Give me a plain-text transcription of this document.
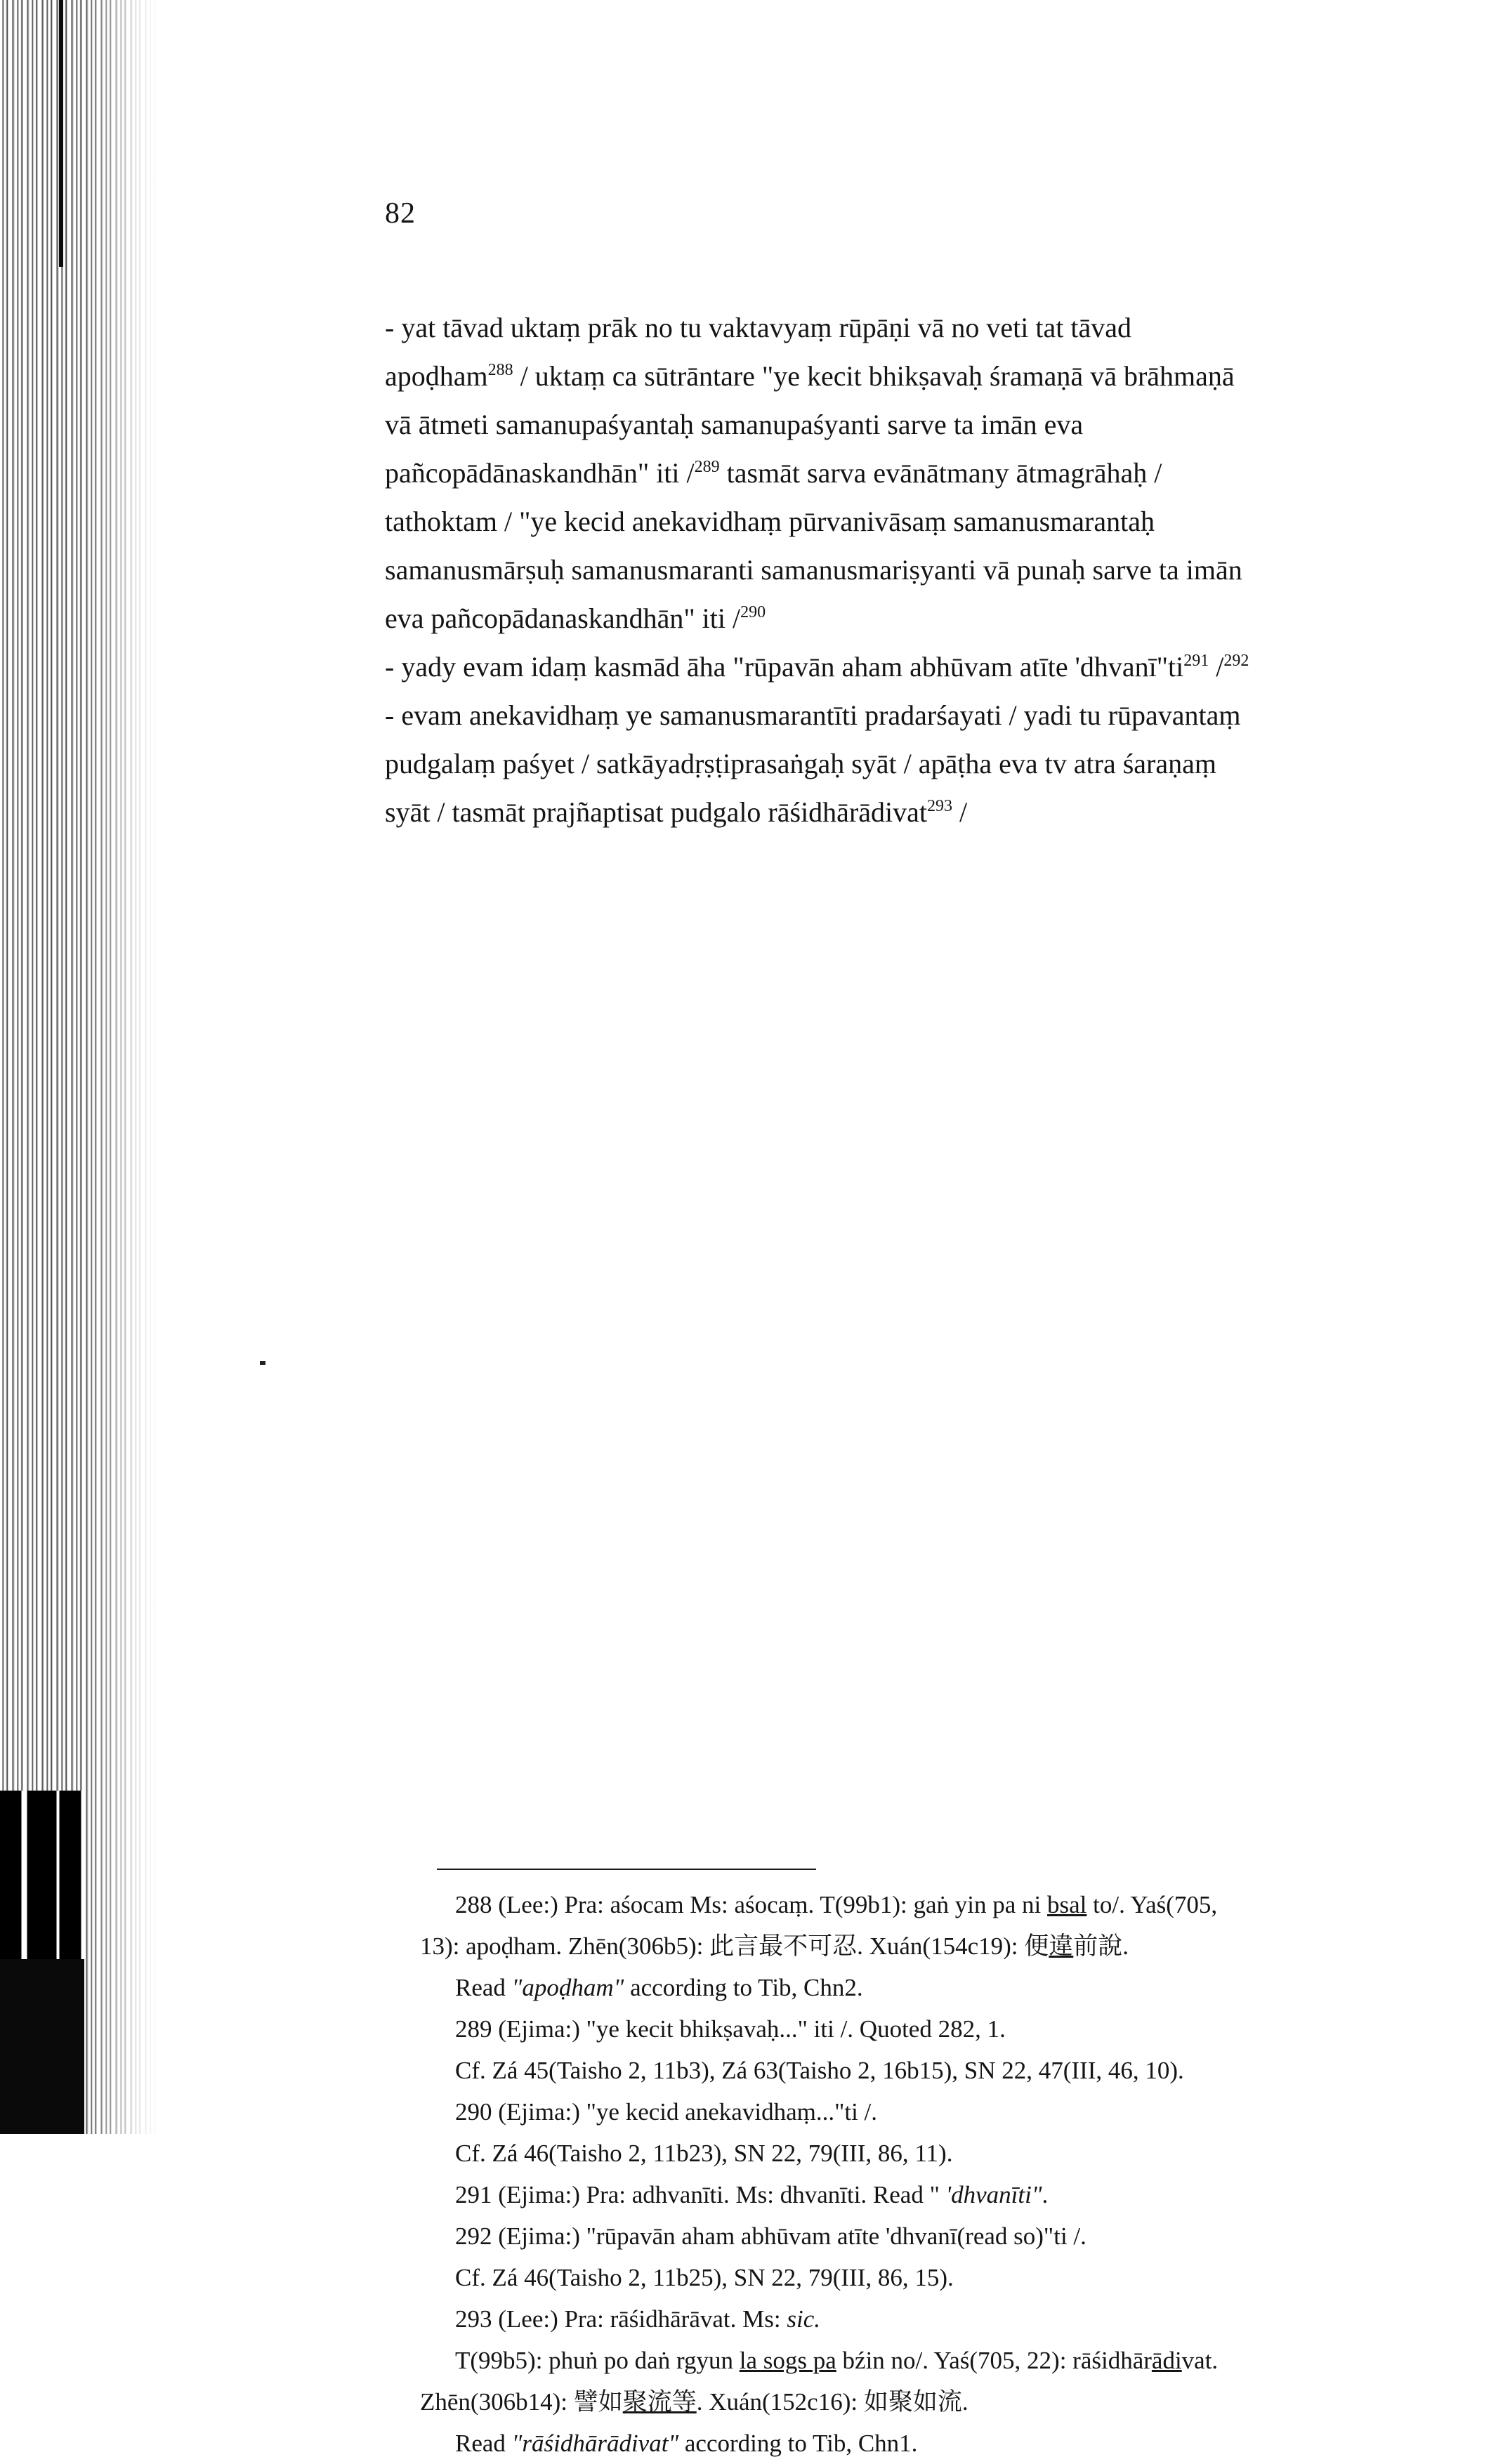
82
- yat tāvad uktaṃ prāk no tu vaktavyaṃ rūpāṇi vā no veti tat tāvad
apoḍham$^{288}$ / uktaṃ ca sūtrāntare "ye kecit bhikṣavaḥ śramaṇā vā brāhmaṇā
vā ātmeti samanupaśyantaḥ samanupaśyanti sarve ta imān eva
pañcopādānaskandhān" iti /$^{289}$ tasmāt sarva evānātmany ātmagrāhaḥ /
tathoktam / "ye kecid anekavidhaṃ pūrvanivāsaṃ samanusmarantaḥ
samanusmārṣuḥ samanusmaranti samanusmariṣyanti vā punaḥ sarve ta imān
eva pañcopādanaskandhān" iti /$^{290}$
- yady evam idaṃ kasmād āha "rūpavān aham abhūvam atīte '$dhvanī"ti^{291}$ /$^{292}$
- evam anekavidhaṃ ye samanusmarantīti pradarśayati / yadi tu rūpavantaṃ
pudgalaṃ paśyet / satkāyadṛṣṭiprasaṅgaḥ syāt / apāṭha eva tv atra śaraṇaṃ
syāt / tasmāt prajñaptisat pudgalo rāśidhārādivat$^{293}$ /
288 (Lee:) Pra: aśocam Ms: aśocaṃ. T(99b1): gaṅ yin pa ni bsal to/. Yaś(705,
13): apoḍham. Zhēn(306b5): 此言最不可忍. Xuán(154c19): 便違前說.
Read "apoḍham" according to Tib, Chn2.
289 (Ejima:) "ye kecit bhikṣavaḥ..." iti /. Quoted 282, 1.
Cf. Zá 45(Taisho 2, 11b3), Zá 63(Taisho 2, 16b15), SN 22, 47(III, 46, 10).
290 (Ejima:) "ye kecid anekavidhaṃ..."ti /.
Cf. Zá 46(Taisho 2, 11b23), SN 22, 79(III, 86, 11).
291 (Ejima:) Pra: adhvanīti. Ms: dhvanīti. Read " 'dhvanīti".
292 (Ejima:) "rūpavān aham abhūvam atīte 'dhvanī(read so)"ti /.
Cf. Zá 46(Taisho 2, 11b25), SN 22, 79(III, 86, 15).
293 (Lee:) Pra: rāśidhārāvat. Ms: sic.
T(99b5): phuṅ po daṅ rgyun la sogs pa bźin no/. Yaś(705, 22): rāśidhārādivat.
Zhēn(306b14): 譬如聚流等. Xuán(152c16): 如聚如流.
Read "rāśidhārādivat" according to Tib, Chn1.
